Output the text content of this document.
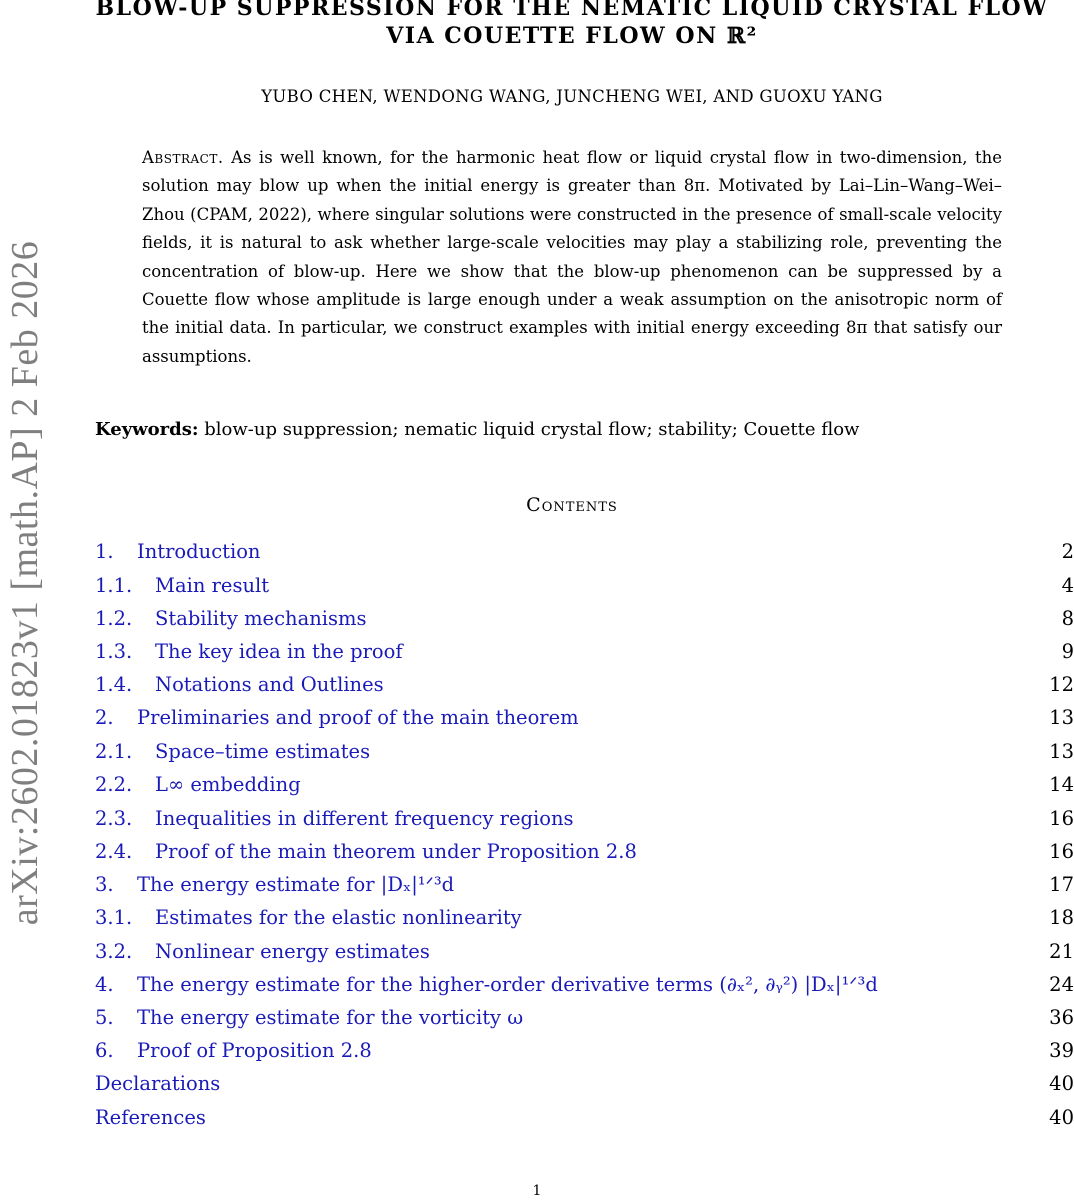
arXiv:2602.01823v1 [math.AP] 2 Feb 2026
BLOW-UP SUPPRESSION FOR THE NEMATIC LIQUID CRYSTAL FLOW
VIA COUETTE FLOW ON ℝ²
YUBO CHEN, WENDONG WANG, JUNCHENG WEI, AND GUOXU YANG
Abstract. As is well known, for the harmonic heat flow or liquid crystal flow in two-dimension, the solution may blow up when the initial energy is greater than 8π. Motivated by Lai–Lin–Wang–Wei–Zhou (CPAM, 2022), where singular solutions were constructed in the presence of small-scale velocity fields, it is natural to ask whether large-scale velocities may play a stabilizing role, preventing the concentration of blow-up. Here we show that the blow-up phenomenon can be suppressed by a Couette flow whose amplitude is large enough under a weak assumption on the anisotropic norm of the initial data. In particular, we construct examples with initial energy exceeding 8π that satisfy our assumptions.
Keywords: blow-up suppression; nematic liquid crystal flow; stability; Couette flow
Contents
1. Introduction	2
1.1. Main result	4
1.2. Stability mechanisms	8
1.3. The key idea in the proof	9
1.4. Notations and Outlines	12
2. Preliminaries and proof of the main theorem	13
2.1. Space–time estimates	13
2.2. L∞ embedding	14
2.3. Inequalities in different frequency regions	16
2.4. Proof of the main theorem under Proposition 2.8	16
3. The energy estimate for |Dₓ|¹ᐟ³d	17
3.1. Estimates for the elastic nonlinearity	18
3.2. Nonlinear energy estimates	21
4. The energy estimate for the higher-order derivative terms (∂ₓ², ∂ᵧ²) |Dₓ|¹ᐟ³d	24
5. The energy estimate for the vorticity ω	36
6. Proof of Proposition 2.8	39
Declarations	40
References	40
1
